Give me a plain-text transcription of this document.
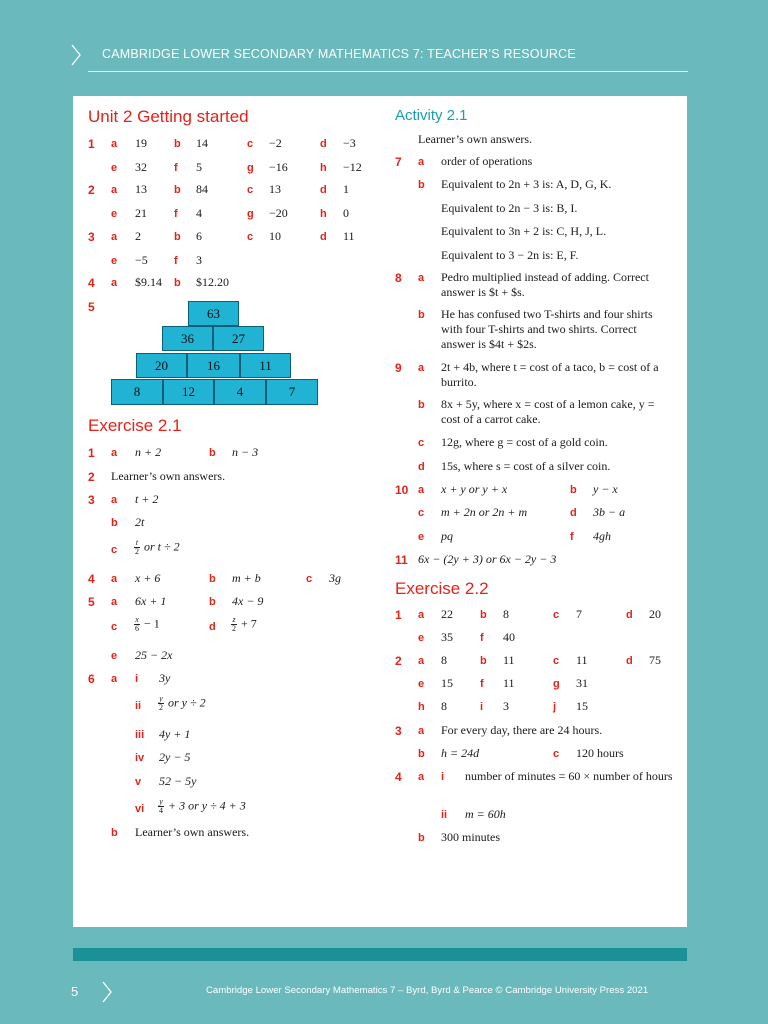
CAMBRIDGE LOWER SECONDARY MATHEMATICS 7: TEACHER’S RESOURCE
Unit 2 Getting started
1 a 19 b 14	c −2	d −3
e 32 f 5	g −16	h −12
2 a 13 b 84	c 13	d 1
e 21 f 4	g −20	h 0
3 a 2	b 6	c 10	d 11
e −5 f 3
4 a $9.14 b $12.20
5	63
36	27
20	16	11
8	12	4	7
Exercise 2.1
1 a n + 2	b n − 3
2 Learner’s own answers.
3 a t + 2
b 2t
c $\frac{t}{2}$ or t ÷ 2
4 a x + 6	b m + b	c 3g
5 a 6x + 1	b 4x − 9
c $\frac{x}{6} - 1$	d $\frac{z}{2} + 7$
e 25 − 2x
6 a i 3y
ii $\frac{y}{2}$ or y ÷ 2
iii 4y + 1
iv 2y − 5
v 52 − 5y
vi $\frac{y}{4} + 3$ or y ÷ 4 + 3
b Learner’s own answers.
Activity 2.1
Learner’s own answers.
7 a order of operations
b Equivalent to 2n + 3 is: A, D, G, K.
Equivalent to 2n − 3 is: B, I.
Equivalent to 3n + 2 is: C, H, J, L.
Equivalent to 3 − 2n is: E, F.
8 a Pedro multiplied instead of adding. Correct answer is $t + $s.
b He has confused two T-shirts and four shirts with four T-shirts and two shirts. Correct answer is $4t + $2s.
9 a 2t + 4b, where t = cost of a taco, b = cost of a burrito.
b 8x + 5y, where x = cost of a lemon cake, y = cost of a carrot cake.
c 12g, where g = cost of a gold coin.
d 15s, where s = cost of a silver coin.
10 a x + y or y + x	b y − x
c m + 2n or 2n + m	d 3b − a
e pq	f 4gh
11 6x − (2y + 3) or 6x − 2y − 3
Exercise 2.2
1 a 22 b 8	c 7	d 20
e 35 f 40
2 a 8	b 11	c 11	d 75
e 15 f 11	g 31
h 8	i 3	j 15
3 a For every day, there are 24 hours.
b h = 24d	c 120 hours
4 a i number of minutes = 60 × number of hours
ii m = 60h
b 300 minutes
5	Cambridge Lower Secondary Mathematics 7 – Byrd, Byrd & Pearce © Cambridge University Press 2021
